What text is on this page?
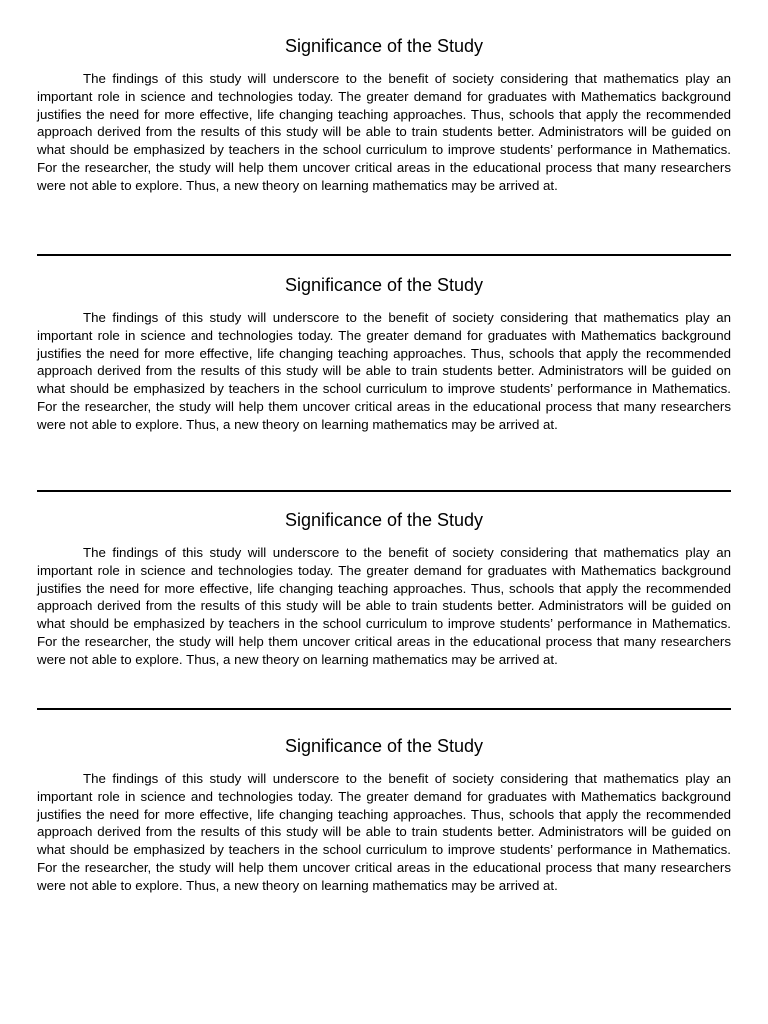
Significance of the Study

The findings of this study will underscore to the benefit of society considering that mathematics play an important role in science and technologies today. The greater demand for graduates with Mathematics background justifies the need for more effective, life changing teaching approaches. Thus, schools that apply the recommended approach derived from the results of this study will be able to train students better. Administrators will be guided on what should be emphasized by teachers in the school curriculum to improve students’ performance in Mathematics. For the researcher, the study will help them uncover critical areas in the educational process that many researchers were not able to explore. Thus, a new theory on learning mathematics may be arrived at.

Significance of the Study

The findings of this study will underscore to the benefit of society considering that mathematics play an important role in science and technologies today. The greater demand for graduates with Mathematics background justifies the need for more effective, life changing teaching approaches. Thus, schools that apply the recommended approach derived from the results of this study will be able to train students better. Administrators will be guided on what should be emphasized by teachers in the school curriculum to improve students’ performance in Mathematics. For the researcher, the study will help them uncover critical areas in the educational process that many researchers were not able to explore. Thus, a new theory on learning mathematics may be arrived at.

Significance of the Study

The findings of this study will underscore to the benefit of society considering that mathematics play an important role in science and technologies today. The greater demand for graduates with Mathematics background justifies the need for more effective, life changing teaching approaches. Thus, schools that apply the recommended approach derived from the results of this study will be able to train students better. Administrators will be guided on what should be emphasized by teachers in the school curriculum to improve students’ performance in Mathematics. For the researcher, the study will help them uncover critical areas in the educational process that many researchers were not able to explore. Thus, a new theory on learning mathematics may be arrived at.

Significance of the Study

The findings of this study will underscore to the benefit of society considering that mathematics play an important role in science and technologies today. The greater demand for graduates with Mathematics background justifies the need for more effective, life changing teaching approaches. Thus, schools that apply the recommended approach derived from the results of this study will be able to train students better. Administrators will be guided on what should be emphasized by teachers in the school curriculum to improve students’ performance in Mathematics. For the researcher, the study will help them uncover critical areas in the educational process that many researchers were not able to explore. Thus, a new theory on learning mathematics may be arrived at.
